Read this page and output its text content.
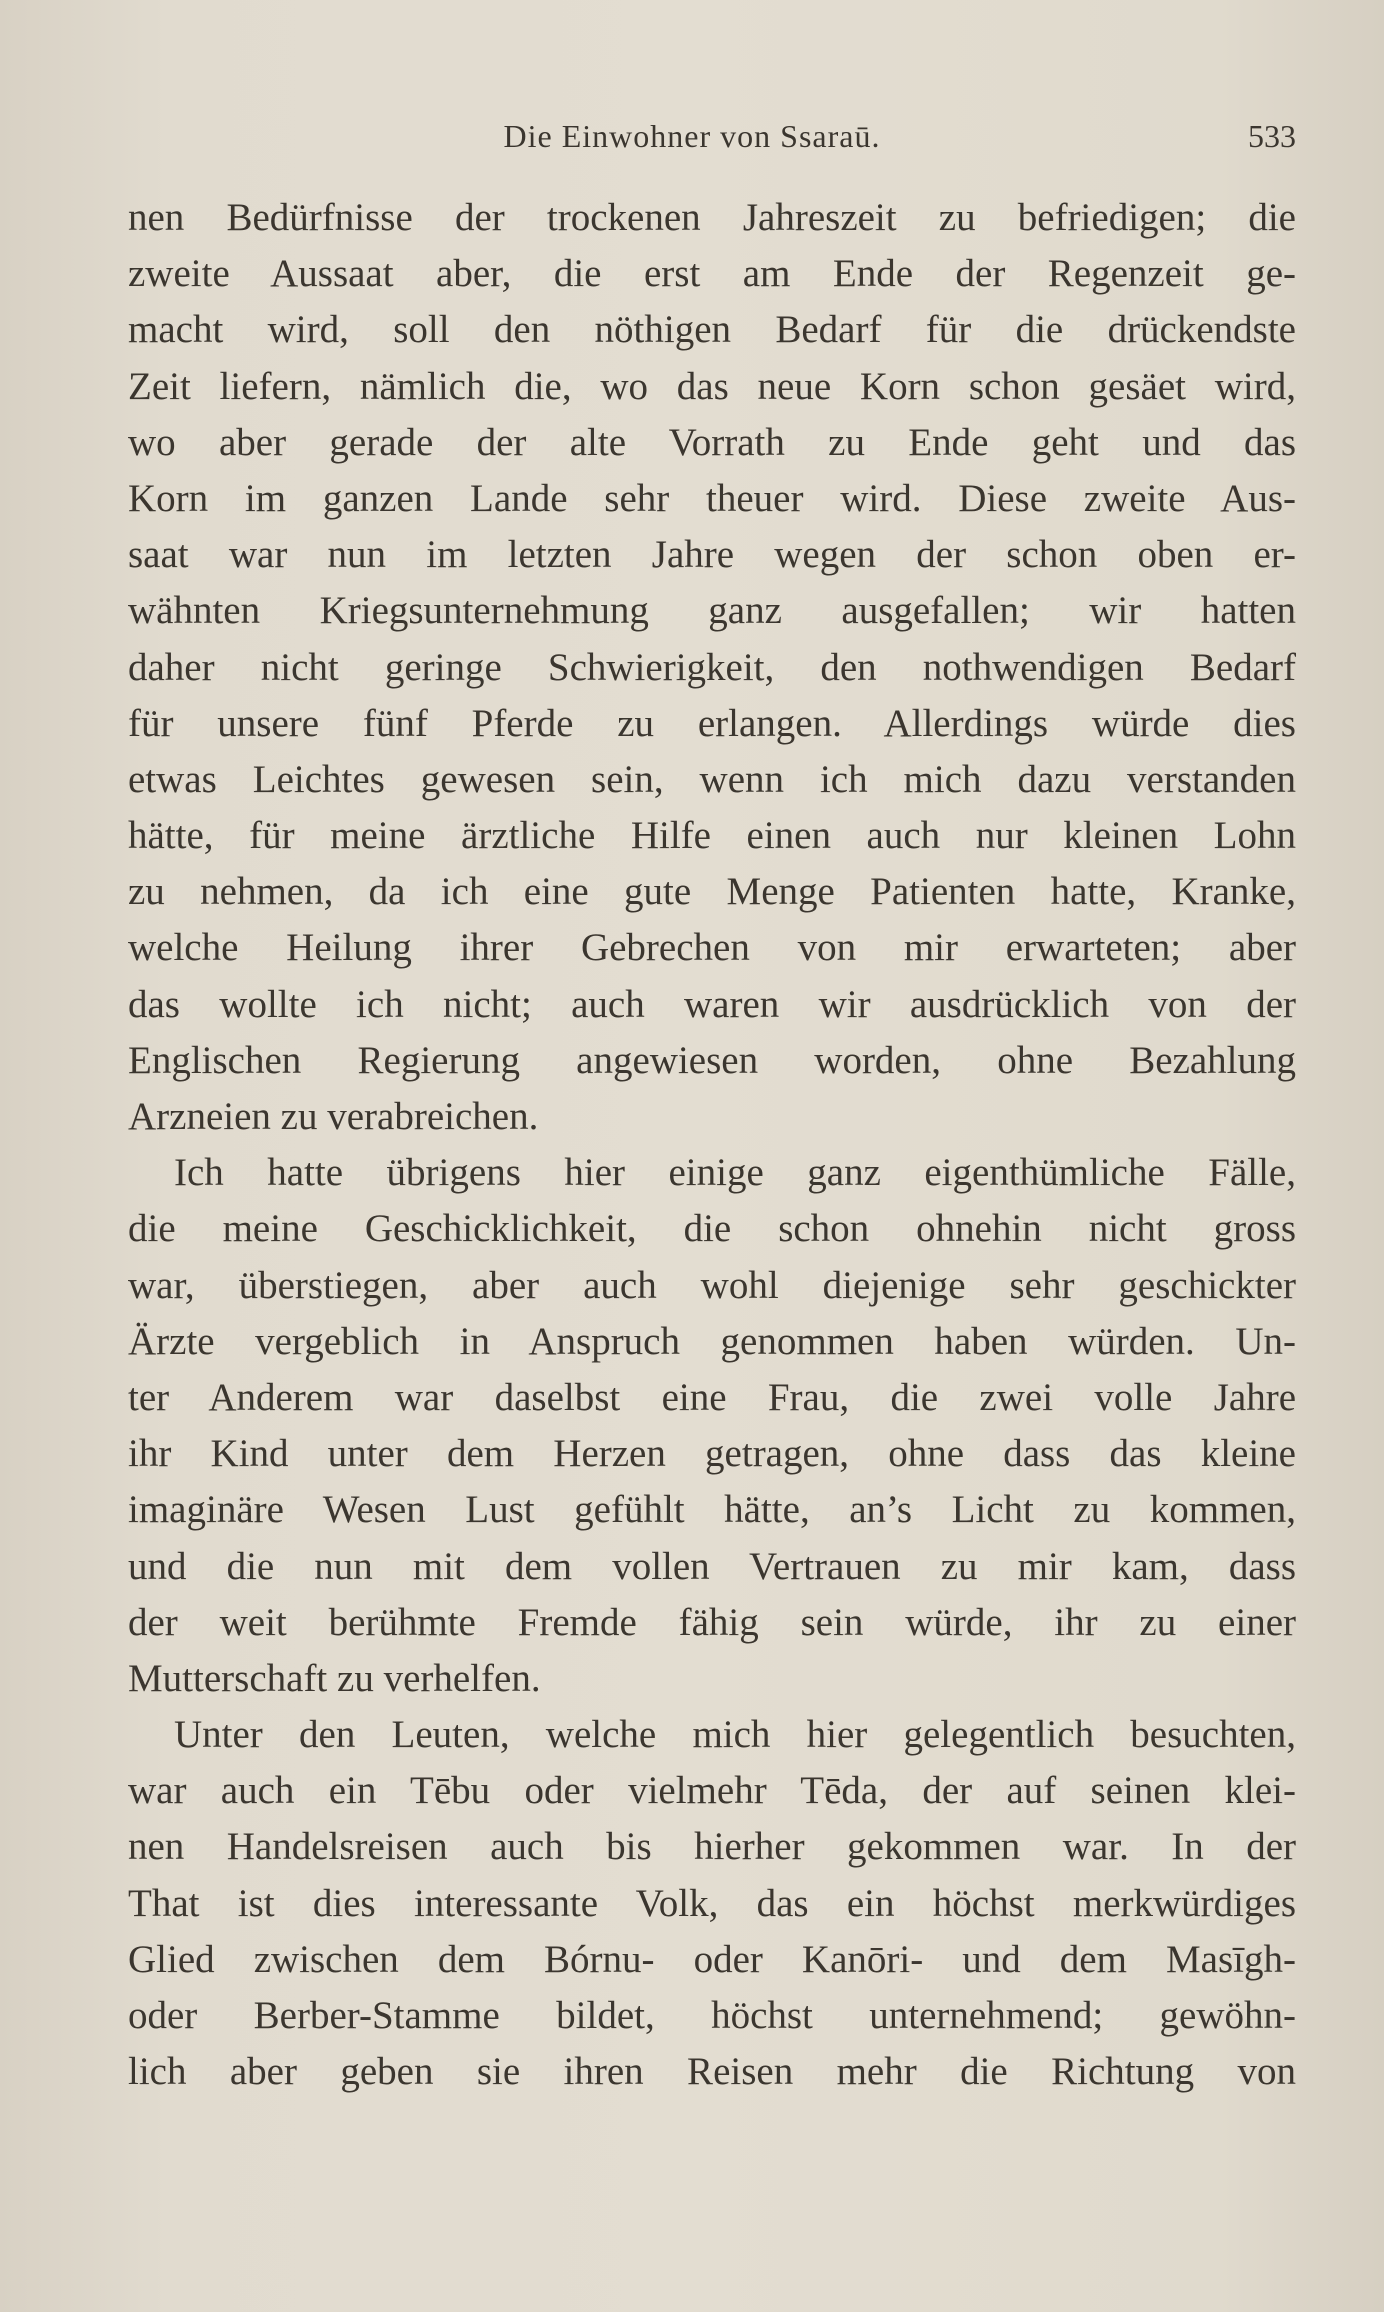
Die Einwohner von Ssaraū.	533
nen Bedürfnisse der trockenen Jahreszeit zu befriedigen; die
zweite Aussaat aber, die erst am Ende der Regenzeit ge-
macht wird, soll den nöthigen Bedarf für die drückendste
Zeit liefern, nämlich die, wo das neue Korn schon gesäet wird,
wo aber gerade der alte Vorrath zu Ende geht und das
Korn im ganzen Lande sehr theuer wird. Diese zweite Aus-
saat war nun im letzten Jahre wegen der schon oben er-
wähnten Kriegsunternehmung ganz ausgefallen; wir hatten
daher nicht geringe Schwierigkeit, den nothwendigen Bedarf
für unsere fünf Pferde zu erlangen. Allerdings würde dies
etwas Leichtes gewesen sein, wenn ich mich dazu verstanden
hätte, für meine ärztliche Hilfe einen auch nur kleinen Lohn
zu nehmen, da ich eine gute Menge Patienten hatte, Kranke,
welche Heilung ihrer Gebrechen von mir erwarteten; aber
das wollte ich nicht; auch waren wir ausdrücklich von der
Englischen Regierung angewiesen worden, ohne Bezahlung
Arzneien zu verabreichen.
Ich hatte übrigens hier einige ganz eigenthümliche Fälle,
die meine Geschicklichkeit, die schon ohnehin nicht gross
war, überstiegen, aber auch wohl diejenige sehr geschickter
Ärzte vergeblich in Anspruch genommen haben würden. Un-
ter Anderem war daselbst eine Frau, die zwei volle Jahre
ihr Kind unter dem Herzen getragen, ohne dass das kleine
imaginäre Wesen Lust gefühlt hätte, an’s Licht zu kommen,
und die nun mit dem vollen Vertrauen zu mir kam, dass
der weit berühmte Fremde fähig sein würde, ihr zu einer
Mutterschaft zu verhelfen.
Unter den Leuten, welche mich hier gelegentlich besuchten,
war auch ein Tēbu oder vielmehr Tēda, der auf seinen klei-
nen Handelsreisen auch bis hierher gekommen war. In der
That ist dies interessante Volk, das ein höchst merkwürdiges
Glied zwischen dem Bórnu- oder Kanōri- und dem Masīgh-
oder Berber-Stamme bildet, höchst unternehmend; gewöhn-
lich aber geben sie ihren Reisen mehr die Richtung von
